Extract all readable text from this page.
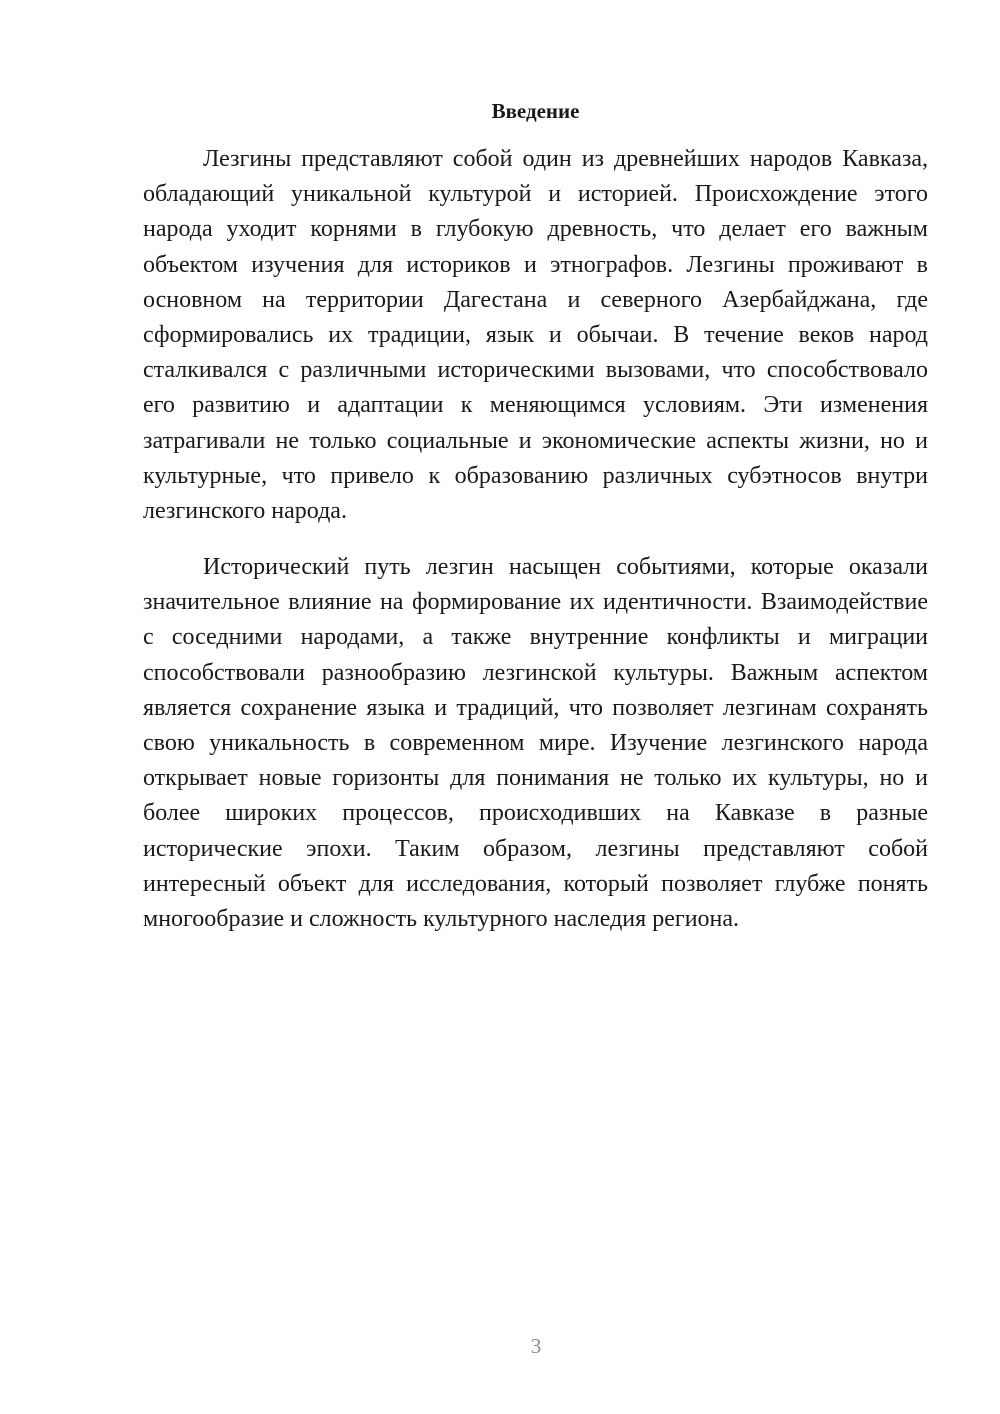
Введение

Лезгины представляют собой один из древнейших народов Кавказа, обладающий уникальной культурой и историей. Происхождение этого народа уходит корнями в глубокую древность, что делает его важным объектом изучения для историков и этнографов. Лезгины проживают в основном на территории Дагестана и северного Азербайджана, где сформировались их традиции, язык и обычаи. В течение веков народ сталкивался с различными историческими вызовами, что способствовало его развитию и адаптации к меняющимся условиям. Эти изменения затрагивали не только социальные и экономические аспекты жизни, но и культурные, что привело к образованию различных субэтносов внутри лезгинского народа.

Исторический путь лезгин насыщен событиями, которые оказали значительное влияние на формирование их идентичности. Взаимодействие с соседними народами, а также внутренние конфликты и миграции способствовали разнообразию лезгинской культуры. Важным аспектом является сохранение языка и традиций, что позволяет лезгинам сохранять свою уникальность в современном мире. Изучение лезгинского народа открывает новые горизонты для понимания не только их культуры, но и более широких процессов, происходивших на Кавказе в разные исторические эпохи. Таким образом, лезгины представляют собой интересный объект для исследования, который позволяет глубже понять многообразие и сложность культурного наследия региона.

3
